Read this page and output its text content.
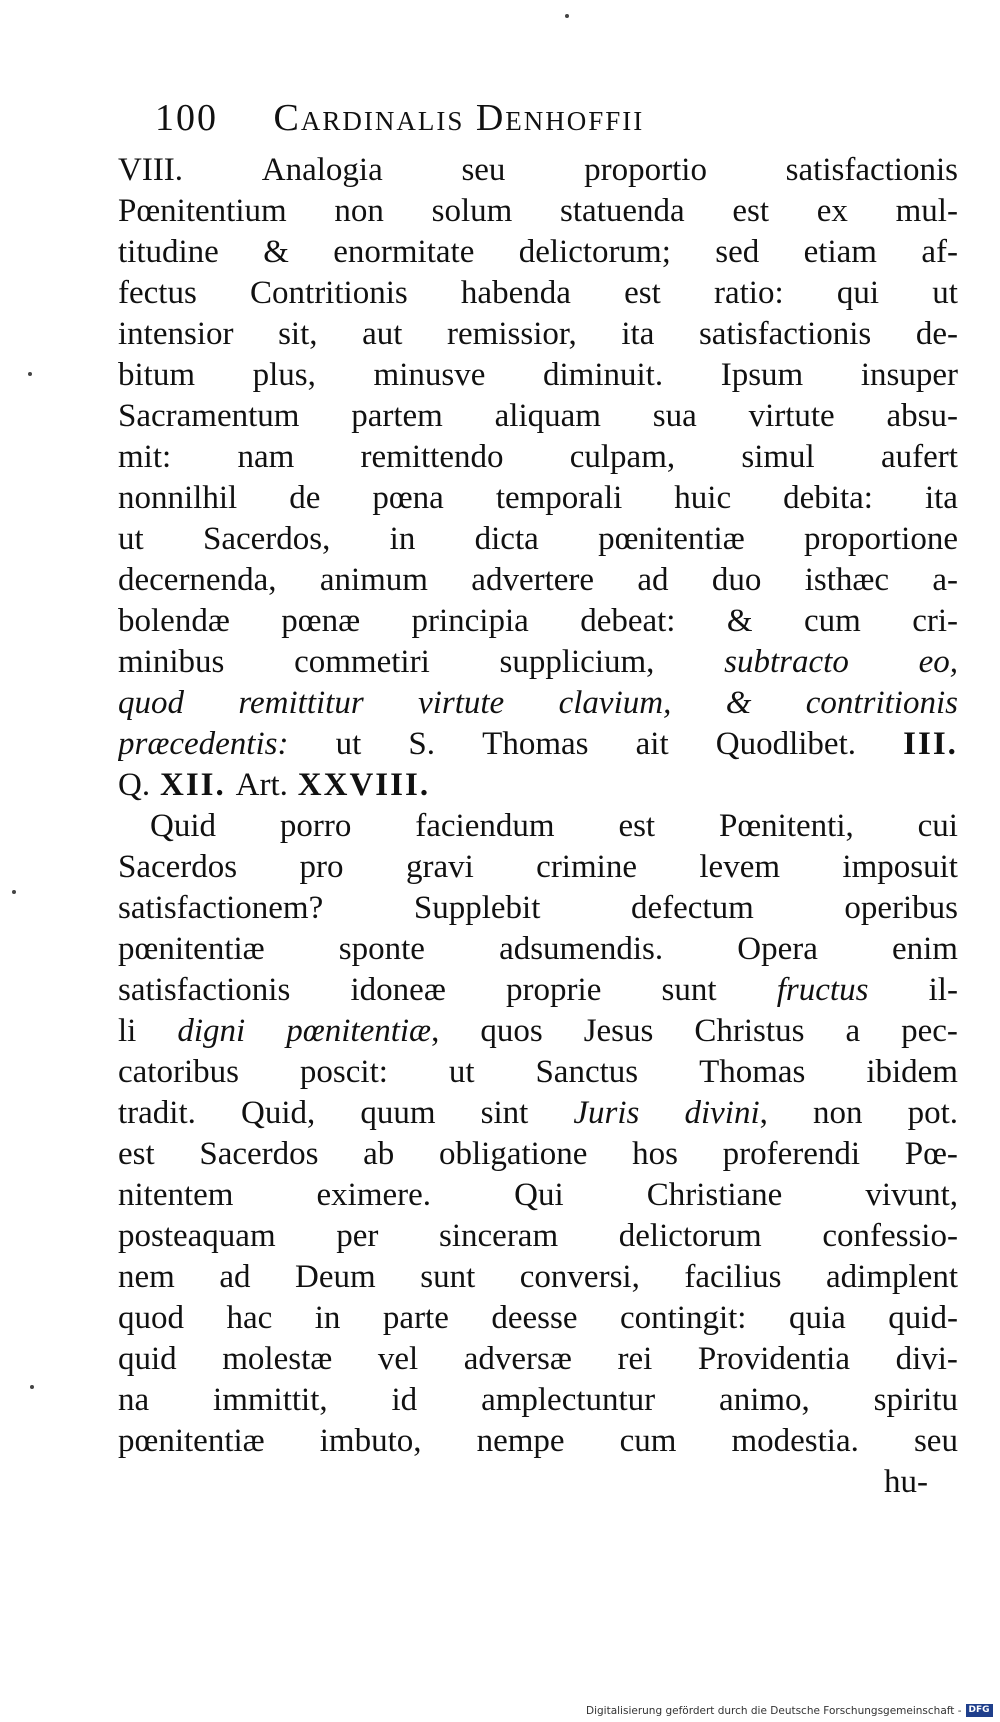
100 Cardinalis Denhoffii
VIII. Analogia seu proportio satisfactionis
Pœnitentium non solum statuenda est ex mul-
titudine & enormitate delictorum; sed etiam af-
fectus Contritionis habenda est ratio: qui ut
intensior sit, aut remissior, ita satisfactionis de-
bitum plus, minusve diminuit. Ipsum insuper
Sacramentum partem aliquam sua virtute absu-
mit: nam remittendo culpam, simul aufert
nonnilhil de pœna temporali huic debita: ita
ut Sacerdos, in dicta pœnitentiæ proportione
decernenda, animum advertere ad duo isthæc a-
bolendæ pœnæ principia debeat: & cum cri-
minibus commetiri supplicium, subtracto eo,
quod remittitur virtute clavium, & contritionis
præcedentis: ut S. Thomas ait Quodlibet. III.
Q. XII. Art. XXVIII.
Quid porro faciendum est Pœnitenti, cui
Sacerdos pro gravi crimine levem imposuit
satisfactionem?	Supplebit	defectum	operibus
pœnitentiæ sponte adsumendis. Opera enim
satisfactionis idoneæ proprie sunt fructus il-
li digni pœnitentiæ, quos Jesus Christus a pec-
catoribus poscit: ut Sanctus Thomas ibidem
tradit. Quid, quum sint Juris divini, non pot.
est Sacerdos ab obligatione hos proferendi Pœ-
nitentem	eximere.	Qui	Christiane	vivunt,
posteaquam per sinceram delictorum confessio-
nem ad Deum sunt conversi, facilius adimplent
quod hac in parte deesse contingit: quia quid-
quid molestæ vel adversæ rei Providentia divi-
na immittit, id amplectuntur animo, spiritu
pœnitentiæ imbuto, nempe cum modestia. seu
hu-
Digitalisierung gefördert durch die Deutsche Forschungsgemeinschaft - DFG
